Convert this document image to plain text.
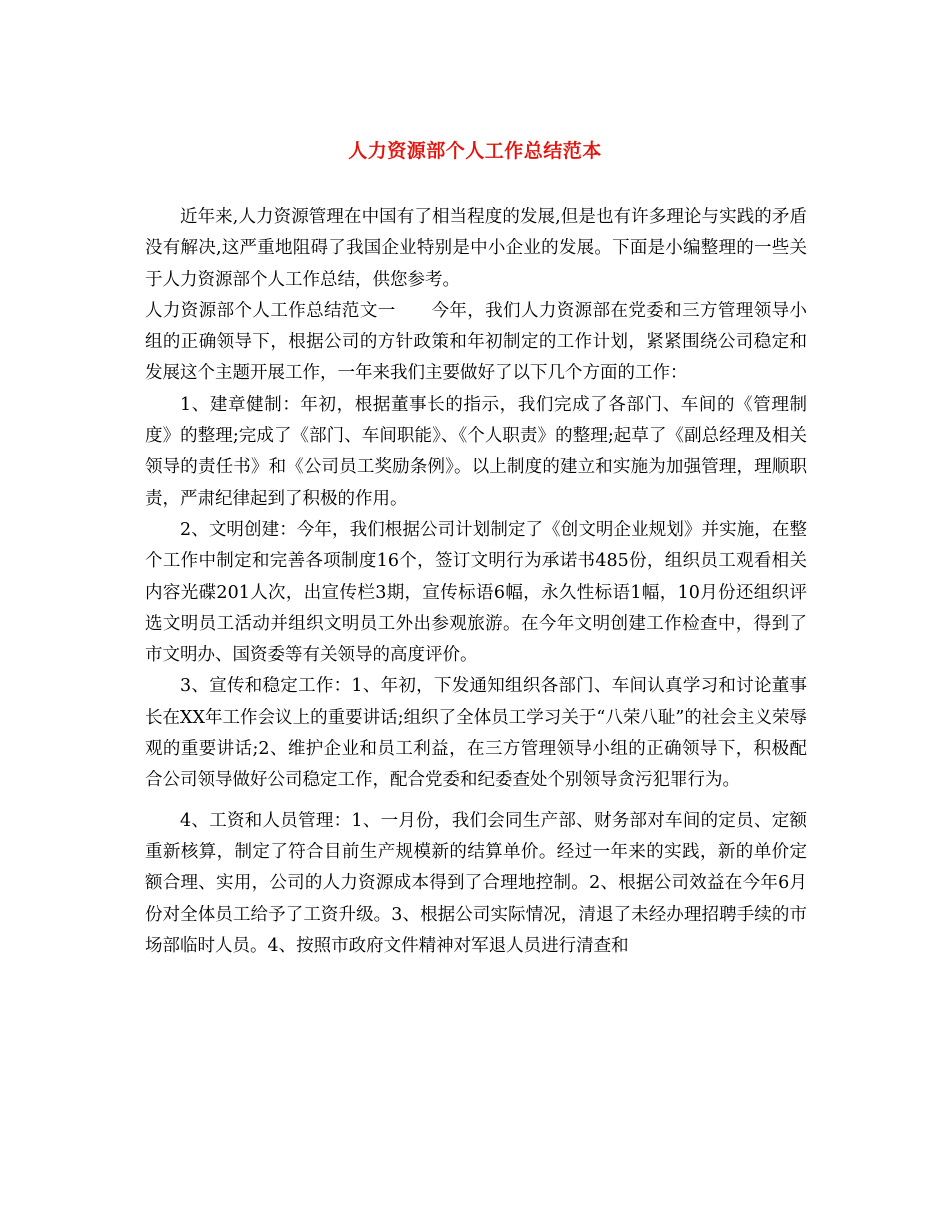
人力资源部个人工作总结范本

近年来,人力资源管理在中国有了相当程度的发展,但是也有许多理论与实践的矛盾没有解决,这严重地阻碍了我国企业特别是中小企业的发展。下面是小编整理的一些关于人力资源部个人工作总结，供您参考。

人力资源部个人工作总结范文一　　今年，我们人力资源部在党委和三方管理领导小组的正确领导下，根据公司的方针政策和年初制定的工作计划，紧紧围绕公司稳定和发展这个主题开展工作，一年来我们主要做好了以下几个方面的工作：

1、建章健制：年初，根据董事长的指示，我们完成了各部门、车间的《管理制度》的整理;完成了《部门、车间职能》、《个人职责》的整理;起草了《副总经理及相关领导的责任书》和《公司员工奖励条例》。以上制度的建立和实施为加强管理，理顺职责，严肃纪律起到了积极的作用。

2、文明创建：今年，我们根据公司计划制定了《创文明企业规划》并实施，在整个工作中制定和完善各项制度16个，签订文明行为承诺书485份，组织员工观看相关内容光碟201人次，出宣传栏3期，宣传标语6幅，永久性标语1幅，10月份还组织评选文明员工活动并组织文明员工外出参观旅游。在今年文明创建工作检查中，得到了市文明办、国资委等有关领导的高度评价。

3、宣传和稳定工作：1、年初，下发通知组织各部门、车间认真学习和讨论董事长在XX年工作会议上的重要讲话;组织了全体员工学习关于“八荣八耻”的社会主义荣辱观的重要讲话;2、维护企业和员工利益，在三方管理领导小组的正确领导下，积极配合公司领导做好公司稳定工作，配合党委和纪委查处个别领导贪污犯罪行为。

4、工资和人员管理：1、一月份，我们会同生产部、财务部对车间的定员、定额重新核算，制定了符合目前生产规模新的结算单价。经过一年来的实践，新的单价定额合理、实用，公司的人力资源成本得到了合理地控制。2、根据公司效益在今年6月份对全体员工给予了工资升级。3、根据公司实际情况，清退了未经办理招聘手续的市场部临时人员。4、按照市政府文件精神对军退人员进行清查和
